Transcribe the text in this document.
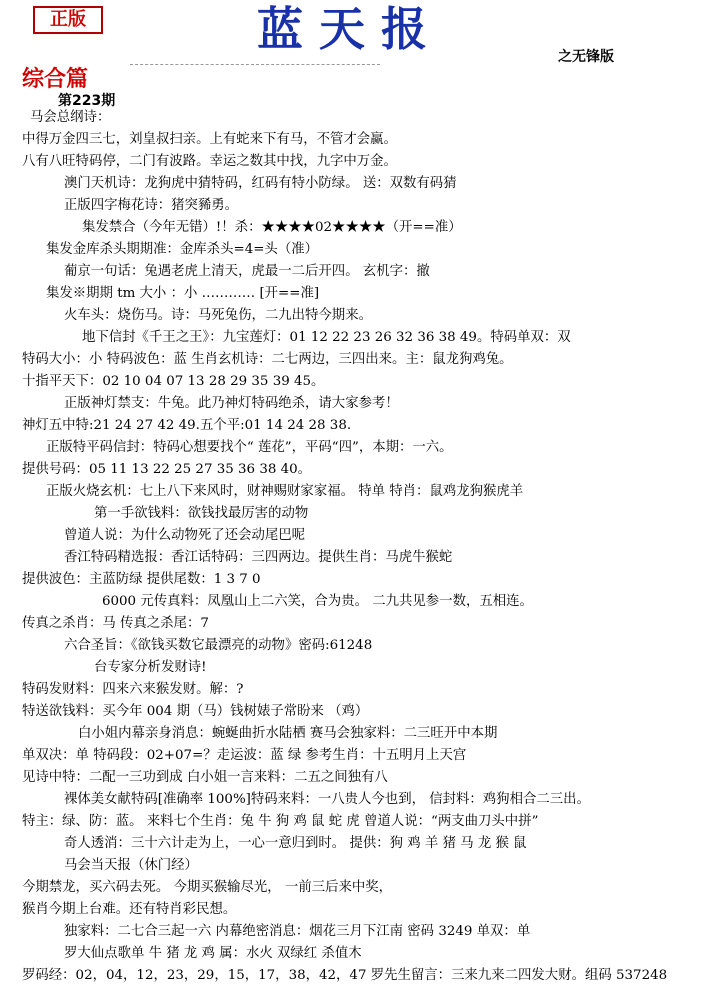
正版	蓝天报
之无锋版
综合篇
第223期
马会总纲诗：
中得万金四三七，刘皇叔扫亲。上有蛇来下有马，不管才会赢。
八有八旺特码停，二门有波路。幸运之数其中找，九字中万金。
澳门天机诗：龙狗虎中猜特码，红码有特小防绿。 送：双数有码猜
正版四字梅花诗：猪突豨勇。
集发禁合（今年无错）!！杀：★★★★02★★★★（开==准）
集发金库杀头期期准：金库杀头=4=头（准）
葡京一句话：兔遇老虎上清天，虎最一二后开四。 玄机字：撤
集发※期期 tm 大小 ：小 ………… [开==准]
火车头：烧伤马。诗：马死兔伤，二九出特今期来。
地下信封《千王之王》：九宝莲灯：01 12 22 23 26 32 36 38 49。特码单双：双
特码大小：小 特码波色：蓝 生肖玄机诗：二七两边，三四出来。主：鼠龙狗鸡兔。
十指平天下：02 10 04 07 13 28 29 35 39 45。
正版神灯禁支：牛兔。此乃神灯特码绝杀，请大家参考！
神灯五中特:21 24 27 42 49.五个平:01 14 24 28 38.
正版特平码信封：特码心想要找个“ 莲花”，平码“四”，本期：一六。
提供号码：05 11 13 22 25 27 35 36 38 40。
正版火烧玄机：七上八下来风时，财神赐财家家福。 特单 特肖：鼠鸡龙狗猴虎羊
第一手欲钱料：欲钱找最厉害的动物
曾道人说：为什么动物死了还会动尾巴呢
香江特码精选报：香江话特码：三四两边。提供生肖：马虎牛猴蛇
提供波色：主蓝防绿 提供尾数：1 3 7 0
6000 元传真料：凤凰山上二六笑，合为贵。 二九共见参一数，五相连。
传真之杀肖：马 传真之杀尾：7
六合圣旨：《欲钱买数它最漂亮的动物》密码:61248
台专家分析发财诗!
特码发财料：四来六来猴发财。解：?
特送欲钱料：买今年 004 期（马）钱树婊子常盼来 （鸡）
白小姐内幕亲身消息：蜿蜒曲折水陆栖 赛马会独家料：二三旺开中本期
单双决：单 特码段：02+07=？走运波：蓝 绿 参考生肖：十五明月上天宫
见诗中特：二配一三功到成 白小姐一言来料：二五之间独有八
裸体美女献特码[准确率 100%]特码来料：一八贵人今也到， 信封料：鸡狗相合二三出。
特主：绿、防：蓝。 来料七个生肖：兔 牛 狗 鸡 鼠 蛇 虎 曾道人说：“两支曲刀头中拼”
奇人透消：三十六计走为上，一心一意归到时。 提供：狗 鸡 羊 猪 马 龙 猴 鼠
马会当天报（休门经）
今期禁龙，买六码去死。 今期买猴输尽光， 一前三后来中奖，
猴肖今期上台难。还有特肖彩民想。
独家料：二七合三起一六 内幕绝密消息：烟花三月下江南 密码 3249 单双：单
罗大仙点歌单 牛 猪 龙 鸡 属：水火 双绿红 杀值木
罗码经：02，04，12，23，29，15，17，38，42，47 罗先生留言：三来九来二四发大财。组码 537248
